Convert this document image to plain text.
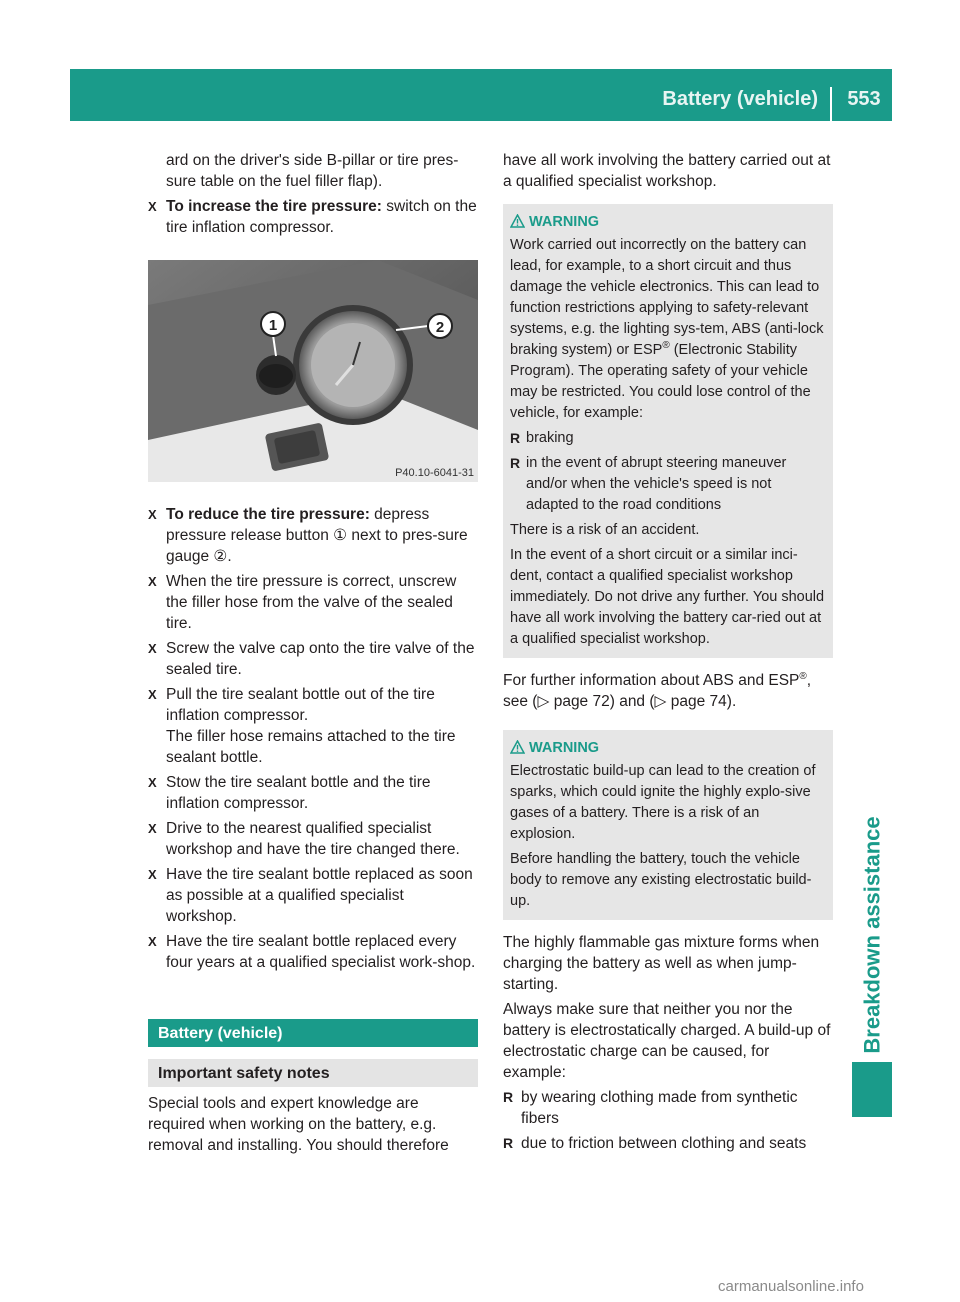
Battery (vehicle)	553
Breakdown assistance

ard on the driver's side B-pillar or tire pres-
sure table on the fuel filler flap).

X To increase the tire pressure: switch on the tire inflation compressor.
1	2
P40.10-6041-31
X To reduce the tire pressure: depress pressure release button ① next to pres-sure gauge ②.
X When the tire pressure is correct, unscrew the filler hose from the valve of the sealed tire.
X Screw the valve cap onto the tire valve of the sealed tire.
X Pull the tire sealant bottle out of the tire inflation compressor.

The filler hose remains attached to the tire sealant bottle.

X Stow the tire sealant bottle and the tire inflation compressor.
X Drive to the nearest qualified specialist workshop and have the tire changed there.
X Have the tire sealant bottle replaced as soon as possible at a qualified specialist workshop.
X Have the tire sealant bottle replaced every four years at a qualified specialist work-shop.
Battery (vehicle)
Important safety notes

Special tools and expert knowledge are required when working on the battery, e.g. removal and installing. You should therefore

have all work involving the battery carried out at a qualified specialist workshop.

WARNING

Work carried out incorrectly on the battery can lead, for example, to a short circuit and thus damage the vehicle electronics. This can lead to function restrictions applying to safety-relevant systems, e.g. the lighting sys-tem, ABS (anti-lock braking system) or ESP® (Electronic Stability Program). The operating safety of your vehicle may be restricted. You could lose control of the vehicle, for example:

R braking
R in the event of abrupt steering maneuver and/or when the vehicle's speed is not adapted to the road conditions

There is a risk of an accident.

In the event of a short circuit or a similar inci-dent, contact a qualified specialist workshop immediately. Do not drive any further. You should have all work involving the battery car-ried out at a qualified specialist workshop.

For further information about ABS and ESP®, see (▷ page 72) and (▷ page 74).

WARNING

Electrostatic build-up can lead to the creation of sparks, which could ignite the highly explo-sive gases of a battery. There is a risk of an explosion.

Before handling the battery, touch the vehicle body to remove any existing electrostatic build-up.

The highly flammable gas mixture forms when charging the battery as well as when jump-starting.

Always make sure that neither you nor the battery is electrostatically charged. A build-up of electrostatic charge can be caused, for example:

R by wearing clothing made from synthetic fibers
R due to friction between clothing and seats
carmanualsonline.info
